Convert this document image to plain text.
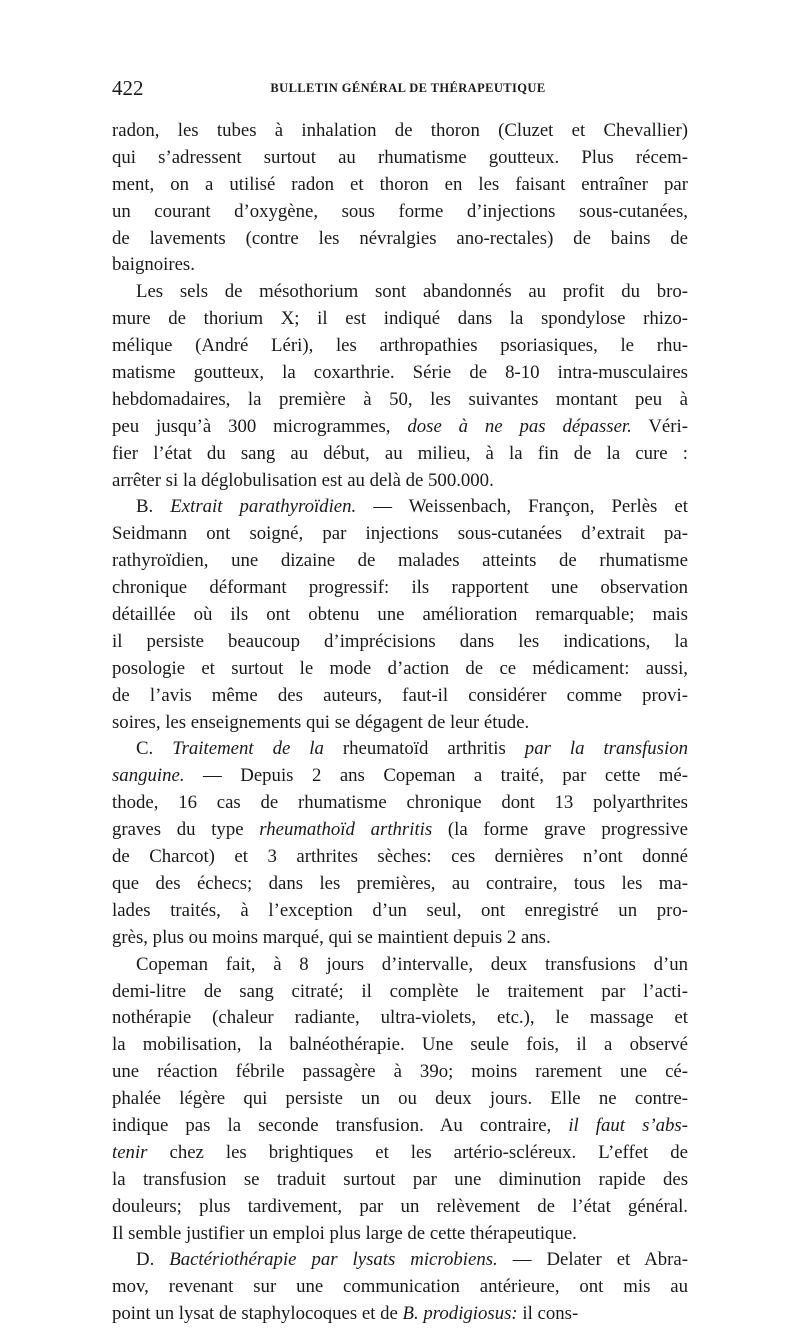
422	BULLETIN GÉNÉRAL DE THÉRAPEUTIQUE
radon, les tubes à inhalation de thoron (Cluzet et Chevallier)
qui s’adressent surtout au rhumatisme goutteux. Plus récem-
ment, on a utilisé radon et thoron en les faisant entraîner par
un courant d’oxygène, sous forme d’injections sous-cutanées,
de lavements (contre les névralgies ano-rectales) de bains de
baignoires.
Les sels de mésothorium sont abandonnés au profit du bro-
mure de thorium X; il est indiqué dans la spondylose rhizo-
mélique (André Léri), les arthropathies psoriasiques, le rhu-
matisme goutteux, la coxarthrie. Série de 8-10 intra-musculaires
hebdomadaires, la première à 50, les suivantes montant peu à
peu jusqu’à 300 microgrammes, dose à ne pas dépasser. Véri-
fier l’état du sang au début, au milieu, à la fin de la cure :
arrêter si la déglobulisation est au delà de 500.000.
B. Extrait parathyroïdien. — Weissenbach, Françon, Perlès et
Seidmann ont soigné, par injections sous-cutanées d’extrait pa-
rathyroïdien, une dizaine de malades atteints de rhumatisme
chronique déformant progressif: ils rapportent une observation
détaillée où ils ont obtenu une amélioration remarquable; mais
il persiste beaucoup d’imprécisions dans les indications, la
posologie et surtout le mode d’action de ce médicament: aussi,
de l’avis même des auteurs, faut-il considérer comme provi-
soires, les enseignements qui se dégagent de leur étude.
C. Traitement de la rheumatoïd arthritis par la transfusion
sanguine. — Depuis 2 ans Copeman a traité, par cette mé-
thode, 16 cas de rhumatisme chronique dont 13 polyarthrites
graves du type rheumathoïd arthritis (la forme grave progressive
de Charcot) et 3 arthrites sèches: ces dernières n’ont donné
que des échecs; dans les premières, au contraire, tous les ma-
lades traités, à l’exception d’un seul, ont enregistré un pro-
grès, plus ou moins marqué, qui se maintient depuis 2 ans.
Copeman fait, à 8 jours d’intervalle, deux transfusions d’un
demi-litre de sang citraté; il complète le traitement par l’acti-
nothérapie (chaleur radiante, ultra-violets, etc.), le massage et
la mobilisation, la balnéothérapie. Une seule fois, il a observé
une réaction fébrile passagère à 39o; moins rarement une cé-
phalée légère qui persiste un ou deux jours. Elle ne contre-
indique pas la seconde transfusion. Au contraire, il faut s’abs-
tenir chez les brightiques et les artério-scléreux. L’effet de
la transfusion se traduit surtout par une diminution rapide des
douleurs; plus tardivement, par un relèvement de l’état général.
Il semble justifier un emploi plus large de cette thérapeutique.
D. Bactériothérapie par lysats microbiens. — Delater et Abra-
mov, revenant sur une communication antérieure, ont mis au
point un lysat de staphylocoques et de B. prodigiosus: il cons-
